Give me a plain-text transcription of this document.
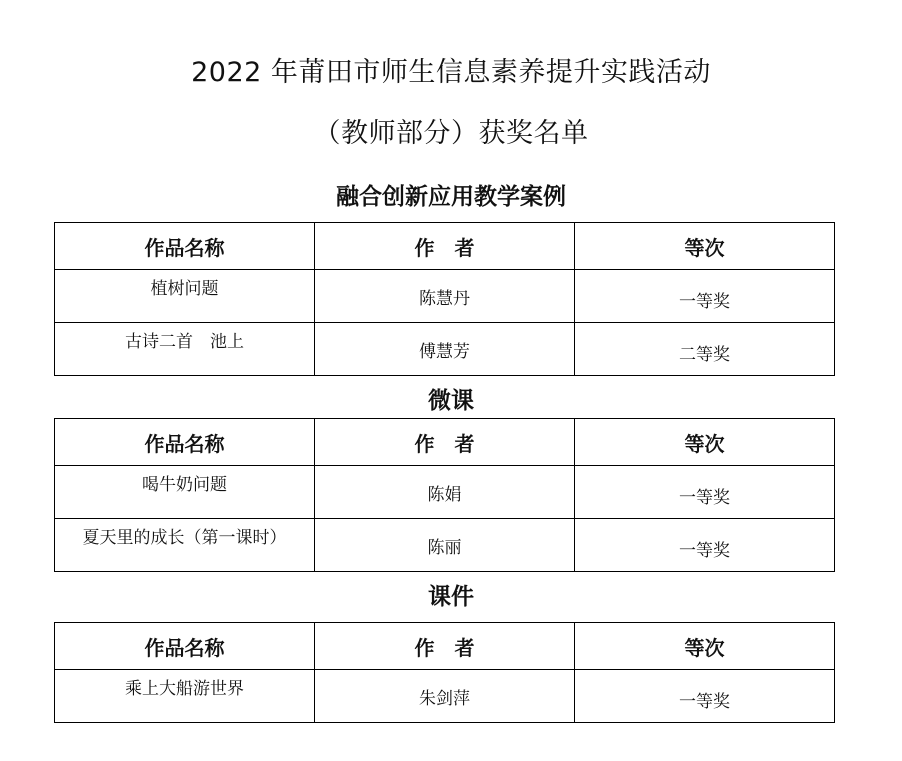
2022 年莆田市师生信息素养提升实践活动
（教师部分）获奖名单
融合创新应用教学案例
作品名称	作　者	等次
植树问题	陈慧丹	一等奖
古诗二首　池上	傅慧芳	二等奖
微课
作品名称	作　者	等次
喝牛奶问题	陈娟	一等奖
夏天里的成长（第一课时）	陈丽	一等奖
课件
作品名称	作　者	等次
乘上大船游世界	朱剑萍	一等奖
